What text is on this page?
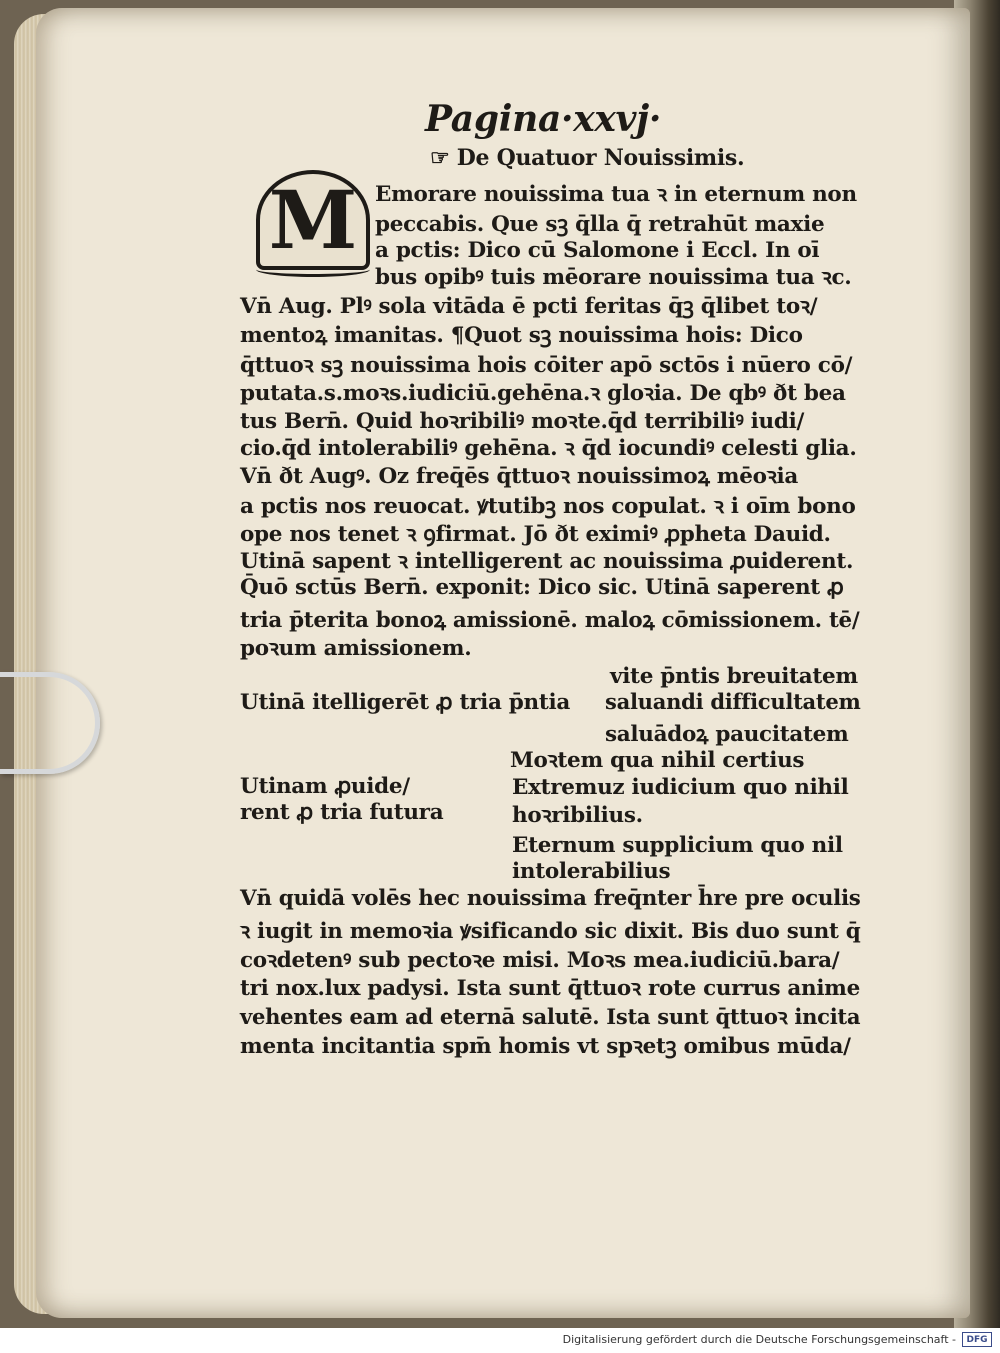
Pagina·xxvj·
☞ De Quatuor Nouissimis.
M Emorare nouissima tua ꝛ in eternum non
peccabis. Que sꝫ q̄lla q̄ retrahūt maxie
a pctis: Dico cū Salomone i Eccl. In oī
bus opibꝰ tuis mēorare nouissima tua ꝛc.
Vn̄ Aug. Plꝰ sola vitāda ē pcti feritas q̄ꝫ q̄libet toꝛ/
mentoꝝ imanitas. ¶Quot sꝫ nouissima hois: Dico
q̄ttuoꝛ sꝫ nouissima hois cōiter apō sctōs i nūero cō/
putata.s.moꝛs.iudiciū.gehēna.ꝛ gloꝛia. De qbꝰ ðt bea
tus Bern̄. Quid hoꝛribiliꝰ moꝛte.q̄d terribiliꝰ iudi/
cio.q̄d intolerabiliꝰ gehēna. ꝛ q̄d iocundiꝰ celesti glia.
Vn̄ ðt Augꝰ. Oz freq̄ēs q̄ttuoꝛ nouissimoꝝ mēoꝛia
a pctis nos reuocat. ꝟtutibꝫ nos copulat. ꝛ i oīm bono
ope nos tenet ꝛ ꝯfirmat. Jō ðt eximiꝰ ꝓpheta Dauid.
Utinā sapent ꝛ intelligerent ac nouissima ꝓuiderent.
Q̄uō sctūs Bern̄. exponit: Dico sic. Utinā saperent ꝓ
tria p̄terita bonoꝝ amissionē. maloꝝ cōmissionem. tē/
poꝛum amissionem.
Utinā itelligerēt ꝓ tria p̄ntia
vite p̄ntis breuitatem
saluandi difficultatem
saluādoꝝ paucitatem
Utinam ꝓuide/
rent ꝓ tria futura
Moꝛtem qua nihil certius
Extremuz iudicium quo nihil
hoꝛribilius.
Eternum supplicium quo nil
intolerabilius
Vn̄ quidā volēs hec nouissima freq̄nter h̄re pre oculis
ꝛ iugit in memoꝛia ꝟsificando sic dixit. Bis duo sunt q̄
coꝛdetenꝰ sub pectoꝛe misi. Moꝛs mea.iudiciū.bara/
tri nox.lux padysi. Ista sunt q̄ttuoꝛ rote currus anime
vehentes eam ad eternā salutē. Ista sunt q̄ttuoꝛ incita
menta incitantia spm̄ homis vt spꝛetꝫ omibus mūda/
Digitalisierung gefördert durch die Deutsche Forschungsgemeinschaft -	DFG
